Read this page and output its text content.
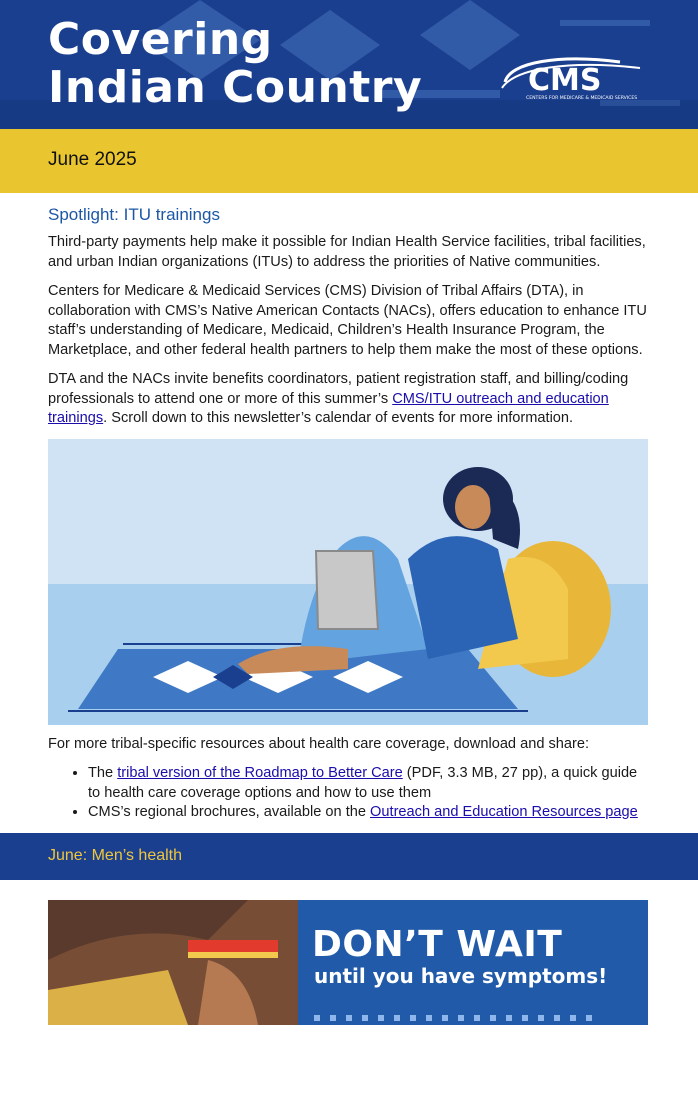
Covering
Indian Country	CMS
CENTERS FOR MEDICARE & MEDICAID SERVICES
June 2025
Spotlight: ITU trainings

Third-party payments help make it possible for Indian Health Service facilities, tribal facilities, and urban Indian organizations (ITUs) to address the priorities of Native communities.

Centers for Medicare & Medicaid Services (CMS) Division of Tribal Affairs (DTA), in collaboration with CMS’s Native American Contacts (NACs), offers education to enhance ITU staff’s understanding of Medicare, Medicaid, Children’s Health Insurance Program, the Marketplace, and other federal health partners to help them make the most of these options.

DTA and the NACs invite benefits coordinators, patient registration staff, and billing/coding professionals to attend one or more of this summer’s CMS/ITU outreach and education trainings. Scroll down to this newsletter’s calendar of events for more information.

For more tribal-specific resources about health care coverage, download and share:

• The tribal version of the Roadmap to Better Care (PDF, 3.3 MB, 27 pp), a quick guide to health care coverage options and how to use them
• CMS’s regional brochures, available on the Outreach and Education Resources page
June: Men’s health
DON’T WAIT
until you have symptoms!
